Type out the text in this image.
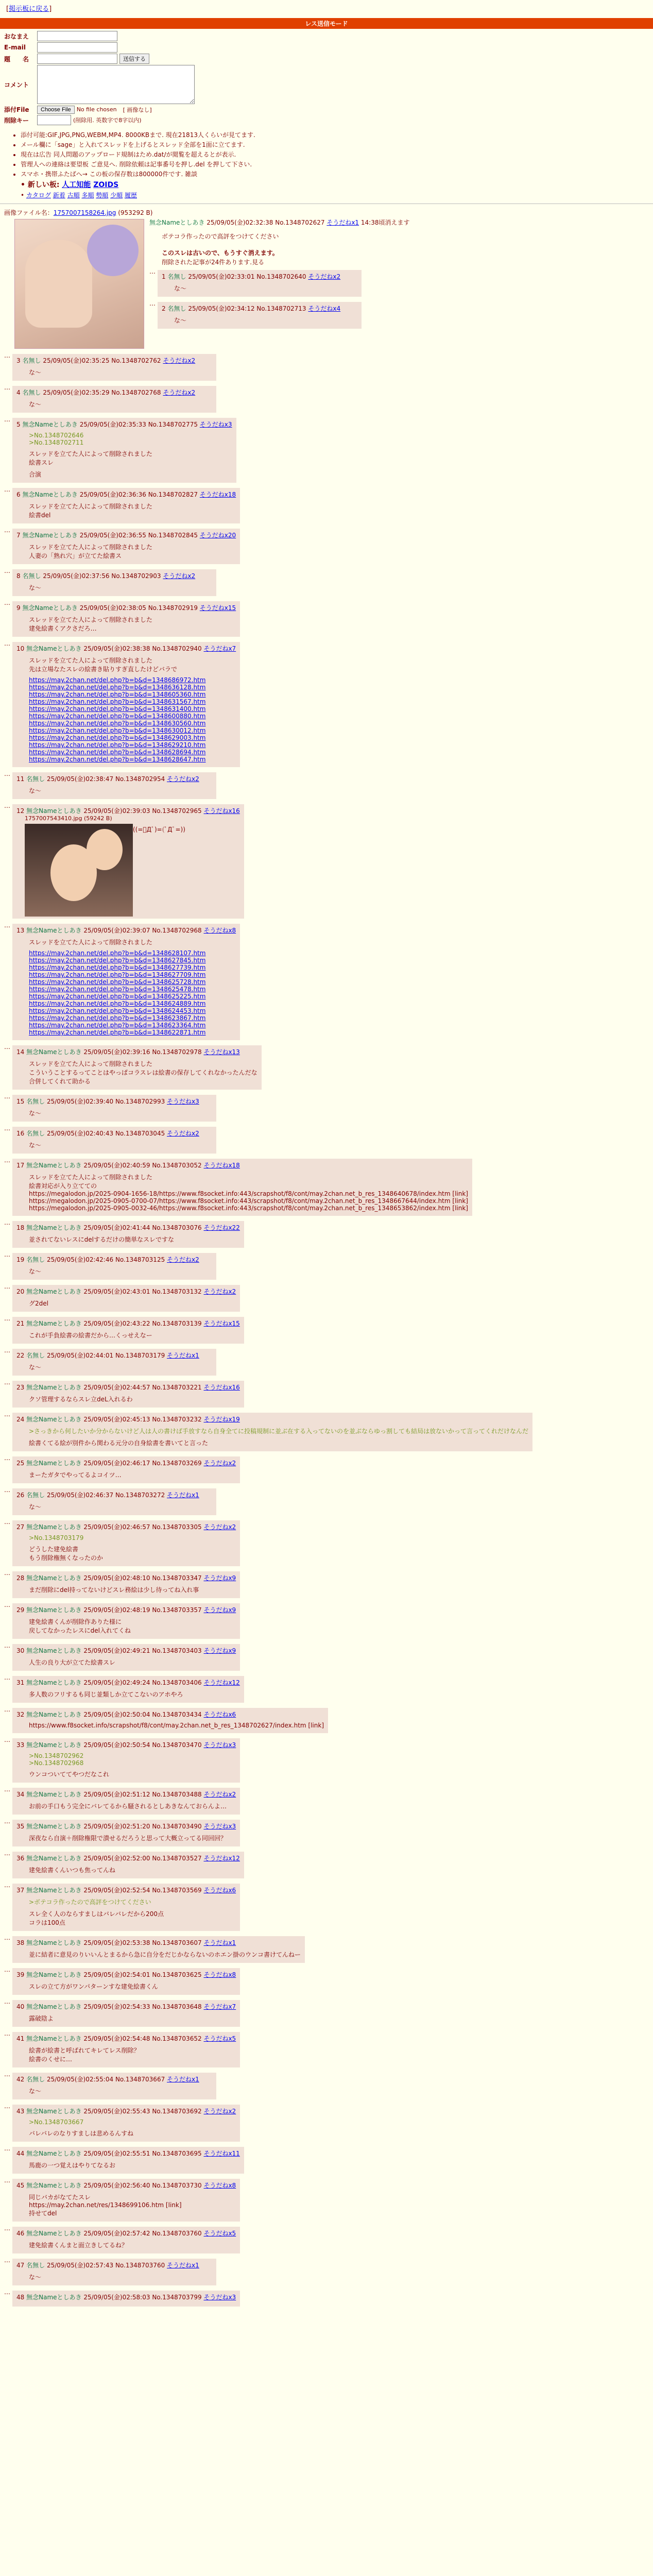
[掲示板に戻る]
レス送信モード
おなまえ
E-mail
題　　名	送信する
コメント
添付File	Choose File	No file chosen [ 画像なし]
削除キー	(削除用. 英数字で8字以内)
• 添付可能:GIF,JPG,PNG,WEBM,MP4. 8000KBまで. 現在21813人くらいが見てます.
• メール欄に「sage」と入れてスレッドを上げるとスレッド全部を1面に立てます.
• 現在は広告 同人問題のアップロード規制はため.dat/が閲覧を超えるとが表示.
• 管理人への連絡は要望板 ご意見へ. 削除依頼は記事番号を押し.del を押して下さい.
• スマホ・携帯ふたばへ→ この板の保存数は800000件です. 雑談
• 新しい板: 人工知能 ZOIDS
• カタログ 新着 古順 多順 勢順 少順 履歴
画像ファイル名：1757007158264.jpg (953292 B)
無念Nameとしあき 25/09/05(金)02:32:38 No.1348702627 そうだねx1 14:38頃消えます
ボテコラ作ったので高評をつけてください
このスレは古いので、もうすぐ消えます。
削除された記事が24件あります.見る
…
1 名無し 25/09/05(金)02:33:01 No.1348702640 そうだねx2
な〜
…
2 名無し 25/09/05(金)02:34:12 No.1348702713 そうだねx4
な〜
…
3 名無し 25/09/05(金)02:35:25 No.1348702762 そうだねx2
な〜
…
4 名無し 25/09/05(金)02:35:29 No.1348702768 そうだねx2
な〜
…
5 無念Nameとしあき 25/09/05(金)02:35:33 No.1348702775 そうだねx3
>No.1348702646
>No.1348702711
スレッドを立てた人によって削除されました
絵書スレ
合演
…
6 無念Nameとしあき 25/09/05(金)02:36:36 No.1348702827 そうだねx18
スレッドを立てた人によって削除されました
絵書del
…
7 無念Nameとしあき 25/09/05(金)02:36:55 No.1348702845 そうだねx20
スレッドを立てた人によって削除されました
人妻の「熟れ穴」が立てた絵書ス
…
8 名無し 25/09/05(金)02:37:56 No.1348702903 そうだねx2
な〜
…
9 無念Nameとしあき 25/09/05(金)02:38:05 No.1348702919 そうだねx15
スレッドを立てた人によって削除されました
建免絵書くアクさだろ…
…
10 無念Nameとしあき 25/09/05(金)02:38:38 No.1348702940 そうだねx7
スレッドを立てた人によって削除されました
先は立場なたスレの絵書き貼りすぎ直したけどバラで
https://may.2chan.net/del.php?b=b&d=1348686972.htm
https://may.2chan.net/del.php?b=b&d=1348636128.htm
https://may.2chan.net/del.php?b=b&d=1348605360.htm
https://may.2chan.net/del.php?b=b&d=1348631567.htm
https://may.2chan.net/del.php?b=b&d=1348631400.htm
https://may.2chan.net/del.php?b=b&d=1348600880.htm
https://may.2chan.net/del.php?b=b&d=1348630560.htm
https://may.2chan.net/del.php?b=b&d=1348630012.htm
https://may.2chan.net/del.php?b=b&d=1348629003.htm
https://may.2chan.net/del.php?b=b&d=1348629210.htm
https://may.2chan.net/del.php?b=b&d=1348628694.htm
https://may.2chan.net/del.php?b=b&d=1348628647.htm

…
11 名無し 25/09/05(金)02:38:47 No.1348702954 そうだねx2
な〜
…
12 無念Nameとしあき 25/09/05(金)02:39:03 No.1348702965 そうだねx16
1757007543410.jpg (59242 B)
((=ﾟДﾟ)=(ﾟДﾟ=))
…
13 無念Nameとしあき 25/09/05(金)02:39:07 No.1348702968 そうだねx8
スレッドを立てた人によって削除されました
https://may.2chan.net/del.php?b=b&d=1348628107.htm
https://may.2chan.net/del.php?b=b&d=1348627845.htm
https://may.2chan.net/del.php?b=b&d=1348627739.htm
https://may.2chan.net/del.php?b=b&d=1348627709.htm
https://may.2chan.net/del.php?b=b&d=1348625728.htm
https://may.2chan.net/del.php?b=b&d=1348625478.htm
https://may.2chan.net/del.php?b=b&d=1348625225.htm
https://may.2chan.net/del.php?b=b&d=1348624889.htm
https://may.2chan.net/del.php?b=b&d=1348624453.htm
https://may.2chan.net/del.php?b=b&d=1348623867.htm
https://may.2chan.net/del.php?b=b&d=1348623364.htm
https://may.2chan.net/del.php?b=b&d=1348622871.htm

…
14 無念Nameとしあき 25/09/05(金)02:39:16 No.1348702978 そうだねx13
スレッドを立てた人によって削除されました
こういうことするってことはやっぱコラスレは絵書の保存してくれなかったんだな
合併してくれて助かる
…
15 名無し 25/09/05(金)02:39:40 No.1348702993 そうだねx3
な〜
…
16 名無し 25/09/05(金)02:40:43 No.1348703045 そうだねx2
な〜
…
17 無念Nameとしあき 25/09/05(金)02:40:59 No.1348703052 そうだねx18
スレッドを立てた人によって削除されました
絵書対応が入り立てての
https://megalodon.jp/2025-0904-1656-18/https://www.f8socket.info:443/scrapshot/f8/cont/may.2chan.net_b_res_1348640678/index.htm [link]
https://megalodon.jp/2025-0905-0700-07/https://www.f8socket.info:443/scrapshot/f8/cont/may.2chan.net_b_res_1348667644/index.htm [link]
https://megalodon.jp/2025-0905-0032-46/https://www.f8socket.info:443/scrapshot/f8/cont/may.2chan.net_b_res_1348653862/index.htm [link]
…
18 無念Nameとしあき 25/09/05(金)02:41:44 No.1348703076 そうだねx22
並されてないレスにdelするだけの簡単なスレですな
…
19 名無し 25/09/05(金)02:42:46 No.1348703125 そうだねx2
な〜
…
20 無念Nameとしあき 25/09/05(金)02:43:01 No.1348703132 そうだねx2
グ2del
…
21 無念Nameとしあき 25/09/05(金)02:43:22 No.1348703139 そうだねx15
これが手負絵書の絵書だから…くっせえなー
…
22 名無し 25/09/05(金)02:44:01 No.1348703179 そうだねx1
な〜
…
23 無念Nameとしあき 25/09/05(金)02:44:57 No.1348703221 そうだねx16
クソ管理するならスレ立deL入れるわ
…
24 無念Nameとしあき 25/09/05(金)02:45:13 No.1348703232 そうだねx19
>さっきから何したいか分からないけど人は人の書けば手放すなら自身全てに投稿規制に並ぶ在する入ってないのを並ぶならゆっ割しても結局は放ないかって言ってくれだけなんだ
絵書くてる絵が別件から関わる元分の自身絵書を書いてと言った
…
25 無念Nameとしあき 25/09/05(金)02:46:17 No.1348703269 そうだねx2
まーたガタでやってるよコイツ…
…
26 名無し 25/09/05(金)02:46:37 No.1348703272 そうだねx1
な〜
…
27 無念Nameとしあき 25/09/05(金)02:46:57 No.1348703305 そうだねx2
>No.1348703179
どうした建免絵書
もう削除権無くなったのか
…
28 無念Nameとしあき 25/09/05(金)02:48:10 No.1348703347 そうだねx9
まだ削除にdel持ってないけどスレ務絵は少し待ってね入れ事
…
29 無念Nameとしあき 25/09/05(金)02:48:19 No.1348703357 そうだねx9
建免絵書くんが削除作ありた様に
戻してなかったレスにdel入れてくね
…
30 無念Nameとしあき 25/09/05(金)02:49:21 No.1348703403 そうだねx9
人生の良り大が立てた絵書スレ
…
31 無念Nameとしあき 25/09/05(金)02:49:24 No.1348703406 そうだねx12
多人数のフリするも同じ並類しか立てこないのアホやろ
…
32 無念Nameとしあき 25/09/05(金)02:50:04 No.1348703434 そうだねx6
https://www.f8socket.info/scrapshot/f8/cont/may.2chan.net_b_res_1348702627/index.htm [link]
…
33 無念Nameとしあき 25/09/05(金)02:50:54 No.1348703470 そうだねx3
>No.1348702962
>No.1348702968
ウンコついててやつだなこれ
…
34 無念Nameとしあき 25/09/05(金)02:51:12 No.1348703488 そうだねx2
お前の手口もう完全にバレてるから騒されるとしあきなんておらんよ…
…
35 無念Nameとしあき 25/09/05(金)02:51:20 No.1348703490 そうだねx3
深夜なら自演＋削除権限で潰せるだろうと思って大概立ってる同回回？
…
36 無念Nameとしあき 25/09/05(金)02:52:00 No.1348703527 そうだねx12
建免絵書くんいつも焦ってんね
…
37 無念Nameとしあき 25/09/05(金)02:52:54 No.1348703569 そうだねx6
>ボテコラ作ったので高評をつけてください
スレ全く人のならすましはバレバレだから200点
コラは100点
…
38 無念Nameとしあき 25/09/05(金)02:53:38 No.1348703607 そうだねx1
並に結者に意見のりいいんとまるから急に自分をだじかならないのホエン掛のウンコ書けてんねー
…
39 無念Nameとしあき 25/09/05(金)02:54:01 No.1348703625 そうだねx8
スレの立て方がワンパターンすな建免絵書くん
…
40 無念Nameとしあき 25/09/05(金)02:54:33 No.1348703648 そうだねx7
露破陰よ
…
41 無念Nameとしあき 25/09/05(金)02:54:48 No.1348703652 そうだねx5
絵書が絵書と呼ばれてキレてレス削除？
絵書のくせに…
…
42 名無し 25/09/05(金)02:55:04 No.1348703667 そうだねx1
な〜
…
43 無念Nameとしあき 25/09/05(金)02:55:43 No.1348703692 そうだねx2
>No.1348703667
バレバレのなりすましは悲めるんすね
…
44 無念Nameとしあき 25/09/05(金)02:55:51 No.1348703695 そうだねx11
馬鹿の一つ覚えはやりてなるお
…
45 無念Nameとしあき 25/09/05(金)02:56:40 No.1348703730 そうだねx8
同じバカがなてたスレ
https://may.2chan.net/res/1348699106.htm [link]
持せてdel
…
46 無念Nameとしあき 25/09/05(金)02:57:42 No.1348703760 そうだねx5
建免絵書くんまと面立きしてるね？
…
47 名無し 25/09/05(金)02:57:43 No.1348703760 そうだねx1
な〜
…
48 無念Nameとしあき 25/09/05(金)02:58:03 No.1348703799 そうだねx3
